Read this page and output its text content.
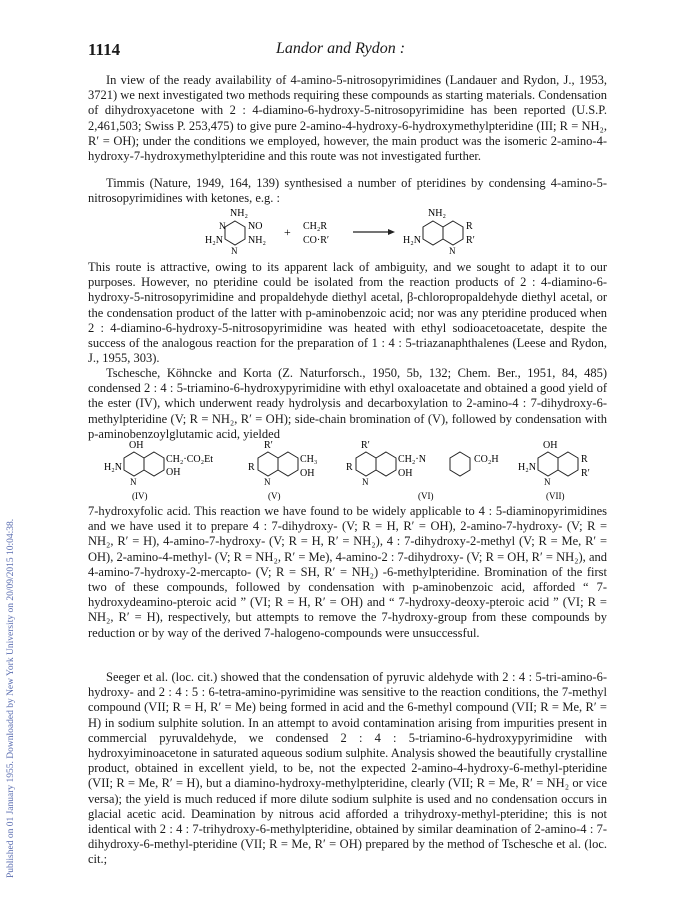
Published on 01 January 1955. Downloaded by New York University on 20/09/2015 10:04:38.
1114	Landor and Rydon :

In view of the ready availability of 4-amino-5-nitrosopyrimidines (Landauer and Rydon, J., 1953, 3721) we next investigated two methods requiring these compounds as starting materials. Condensation of dihydroxyacetone with 2 : 4-diamino-6-hydroxy-5-nitrosopyrimidine has been reported (U.S.P. 2,461,503; Swiss P. 253,475) to give pure 2-amino-4-hydroxy-6-hydroxymethylpteridine (III; R = NH₂, R′ = OH); under the conditions we employed, however, the main product was the isomeric 2-amino-4-hydroxy-7-hydroxymethylpteridine and this route was not investigated further.

Timmis (Nature, 1949, 164, 139) synthesised a number of pteridines by condensing 4-amino-5-nitrosopyrimidines with ketones, e.g. :

NH₂
NO
NH₂
H₂N
N
N
+ CH₂R
CO·R′
NH₂
H₂N
R
R′
N

This route is attractive, owing to its apparent lack of ambiguity, and we sought to adapt it to our purposes. However, no pteridine could be isolated from the reaction products of 2 : 4-diamino-6-hydroxy-5-nitrosopyrimidine and propaldehyde diethyl acetal, β-chloropropaldehyde diethyl acetal, or the condensation product of the latter with p-aminobenzoic acid; nor was any pteridine produced when 2 : 4-diamino-6-hydroxy-5-nitrosopyrimidine was heated with ethyl sodioacetoacetate, despite the success of the analogous reaction for the preparation of 1 : 4 : 5-triazanaphthalenes (Leese and Rydon, J., 1955, 303).

Tschesche, Köhncke and Korta (Z. Naturforsch., 1950, 5b, 132; Chem. Ber., 1951, 84, 485) condensed 2 : 4 : 5-triamino-6-hydroxypyrimidine with ethyl oxaloacetate and obtained a good yield of the ester (IV), which underwent ready hydrolysis and decarboxylation to 2-amino-4 : 7-dihydroxy-6-methylpteridine (V; R = NH₂, R′ = OH); side-chain bromination of (V), followed by condensation with p-aminobenzoylglutamic acid, yielded

OH
CH₂·CO₂Et
OH
H₂N
N
(IV)
R′
CH₃
R
OH
N
(V)
R′
CH₂·N	CO₂H
R
OH
N
(VI)
OH
R
R′
H₂N
N
(VII)

7-hydroxyfolic acid. This reaction we have found to be widely applicable to 4 : 5-diaminopyrimidines and we have used it to prepare 4 : 7-dihydroxy- (V; R = H, R′ = OH), 2-amino-7-hydroxy- (V; R = NH₂, R′ = H), 4-amino-7-hydroxy- (V; R = H, R′ = NH₂), 4 : 7-dihydroxy-2-methyl (V; R = Me, R′ = OH), 2-amino-4-methyl- (V; R = NH₂, R′ = Me), 4-amino-2 : 7-dihydroxy- (V; R = OH, R′ = NH₂), and 4-amino-7-hydroxy-2-mercapto- (V; R = SH, R′ = NH₂) -6-methylpteridine. Bromination of the first two of these compounds, followed by condensation with p-aminobenzoic acid, afforded “ 7-hydroxydeamino-pteroic acid ” (VI; R = H, R′ = OH) and “ 7-hydroxy-deoxy-pteroic acid ” (VI; R = NH₂, R′ = H), respectively, but attempts to remove the 7-hydroxy-group from these compounds by reduction or by way of the derived 7-halogeno-compounds were unsuccessful.

Seeger et al. (loc. cit.) showed that the condensation of pyruvic aldehyde with 2 : 4 : 5-tri-amino-6-hydroxy- and 2 : 4 : 5 : 6-tetra-amino-pyrimidine was sensitive to the reaction conditions, the 7-methyl compound (VII; R = H, R′ = Me) being formed in acid and the 6-methyl compound (VII; R = Me, R′ = H) in sodium sulphite solution. In an attempt to avoid contamination arising from impurities present in commercial pyruvaldehyde, we condensed 2 : 4 : 5-triamino-6-hydroxypyrimidine with hydroxyiminoacetone in saturated aqueous sodium sulphite. Analysis showed the beautifully crystalline product, obtained in excellent yield, to be, not the expected 2-amino-4-hydroxy-6-methyl-pteridine (VII; R = Me, R′ = H), but a diamino-hydroxy-methylpteridine, clearly (VII; R = Me, R′ = NH₂ or vice versa); the yield is much reduced if more dilute sodium sulphite is used and no condensation occurs in glacial acetic acid. Deamination by nitrous acid afforded a trihydroxy-methyl-pteridine; this is not identical with 2 : 4 : 7-trihydroxy-6-methylpteridine, obtained by similar deamination of 2-amino-4 : 7-dihydroxy-6-methyl-pteridine (VII; R = Me, R′ = OH) prepared by the method of Tschesche et al. (loc. cit.;
